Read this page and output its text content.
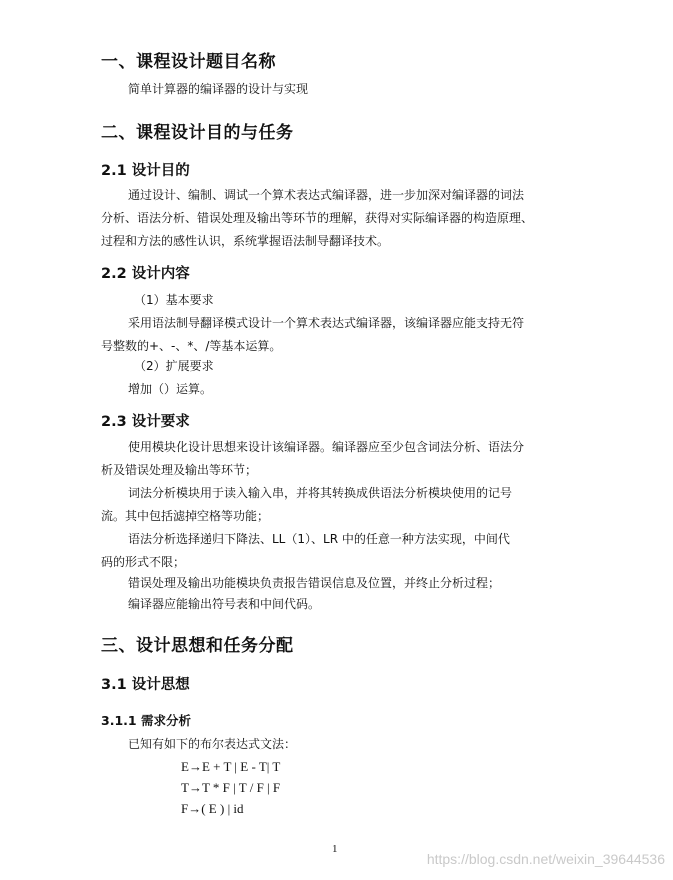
一、课程设计题目名称
简单计算器的编译器的设计与实现
二、课程设计目的与任务
2.1 设计目的
通过设计、编制、调试一个算术表达式编译器，进一步加深对编译器的词法
分析、语法分析、错误处理及输出等环节的理解，获得对实际编译器的构造原理、
过程和方法的感性认识，系统掌握语法制导翻译技术。
2.2 设计内容
（1）基本要求
采用语法制导翻译模式设计一个算术表达式编译器，该编译器应能支持无符
号整数的+、-、*、/等基本运算。
（2）扩展要求
增加（）运算。
2.3 设计要求
使用模块化设计思想来设计该编译器。编译器应至少包含词法分析、语法分
析及错误处理及输出等环节；
词法分析模块用于读入输入串，并将其转换成供语法分析模块使用的记号
流。其中包括滤掉空格等功能；
语法分析选择递归下降法、LL（1）、LR 中的任意一种方法实现，中间代
码的形式不限；
错误处理及输出功能模块负责报告错误信息及位置，并终止分析过程；
编译器应能输出符号表和中间代码。
三、设计思想和任务分配
3.1 设计思想
3.1.1 需求分析
已知有如下的布尔表达式文法：
E→E + T | E - T| T
T→T * F | T / F | F
F→( E ) | id
1
https://blog.csdn.net/weixin_39644536
